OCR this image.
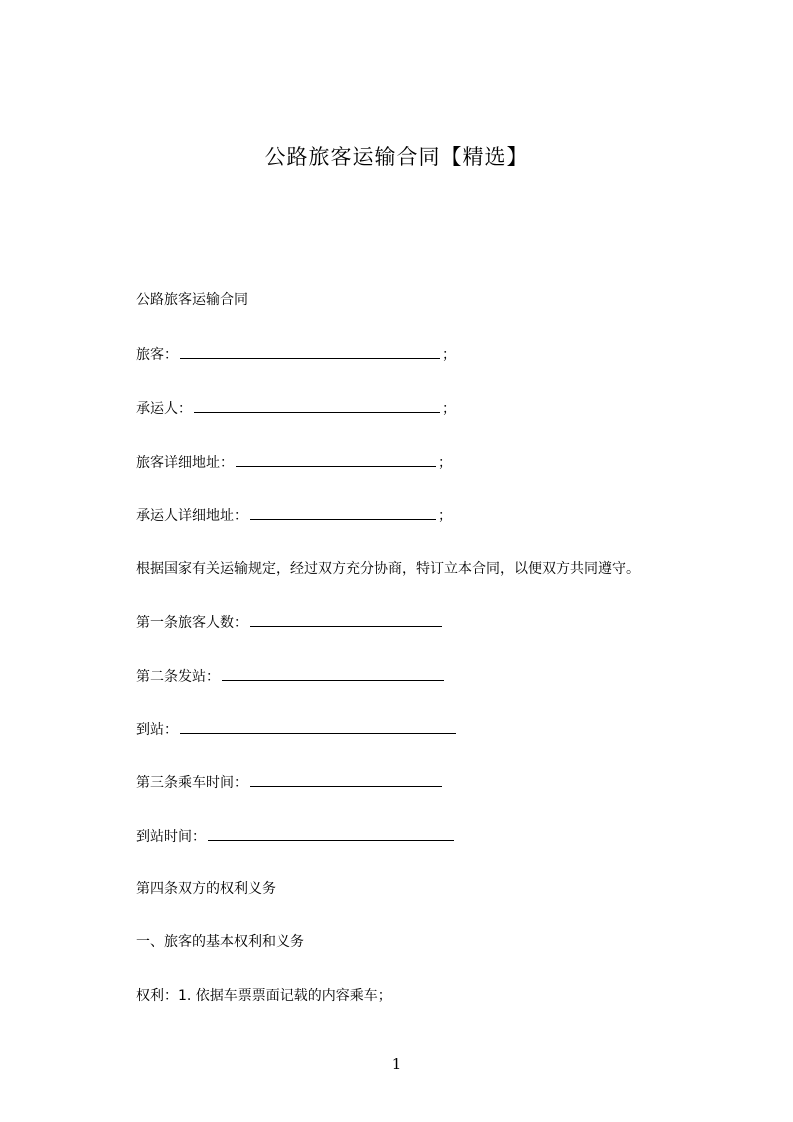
公路旅客运输合同【精选】
公路旅客运输合同
旅客：	；
承运人：	；
旅客详细地址：	；
承运人详细地址：	；
根据国家有关运输规定，经过双方充分协商，特订立本合同，以便双方共同遵守。
第一条旅客人数：
第二条发站：
到站：
第三条乘车时间：
到站时间：
第四条双方的权利义务
一、旅客的基本权利和义务
权利：1. 依据车票票面记载的内容乘车；
1
